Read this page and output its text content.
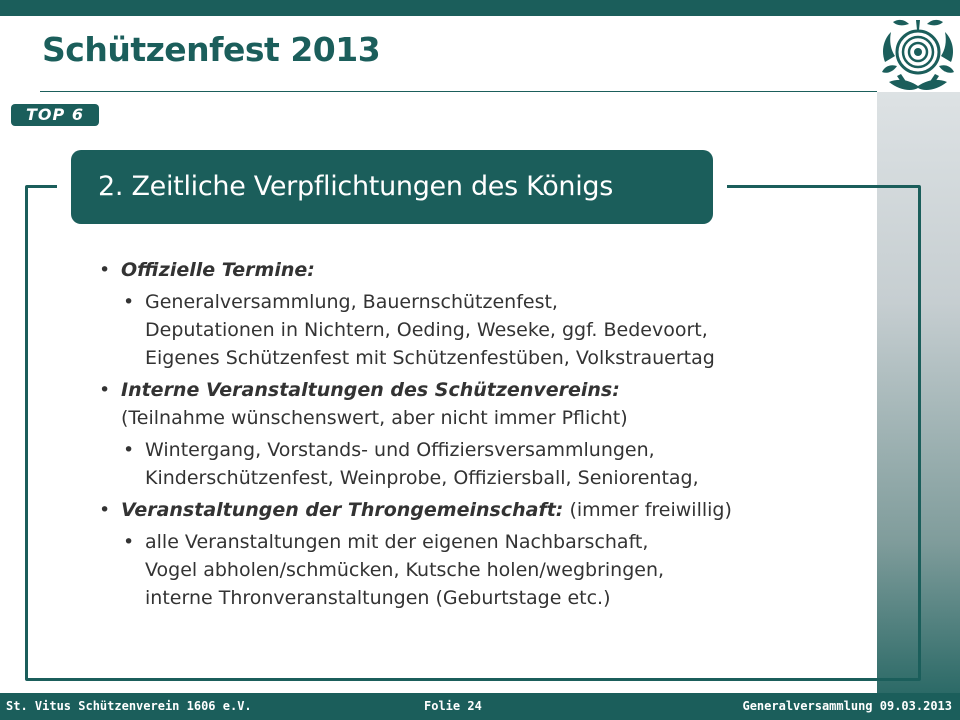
Schützenfest 2013
TOP 6
2. Zeitliche Verpflichtungen des Königs
• Offizielle Termine:
• Generalversammlung, Bauernschützenfest,
Deputationen in Nichtern, Oeding, Weseke, ggf. Bedevoort,
Eigenes Schützenfest mit Schützenfestüben, Volkstrauertag
• Interne Veranstaltungen des Schützenvereins:
(Teilnahme wünschenswert, aber nicht immer Pflicht)
• Wintergang, Vorstands- und Offiziersversammlungen,
Kinderschützenfest, Weinprobe, Offiziersball, Seniorentag,
• Veranstaltungen der Throngemeinschaft: (immer freiwillig)
• alle Veranstaltungen mit der eigenen Nachbarschaft,
Vogel abholen/schmücken, Kutsche holen/wegbringen,
interne Thronveranstaltungen (Geburtstage etc.)
St. Vitus Schützenverein 1606 e.V.	Folie 24	Generalversammlung 09.03.2013
